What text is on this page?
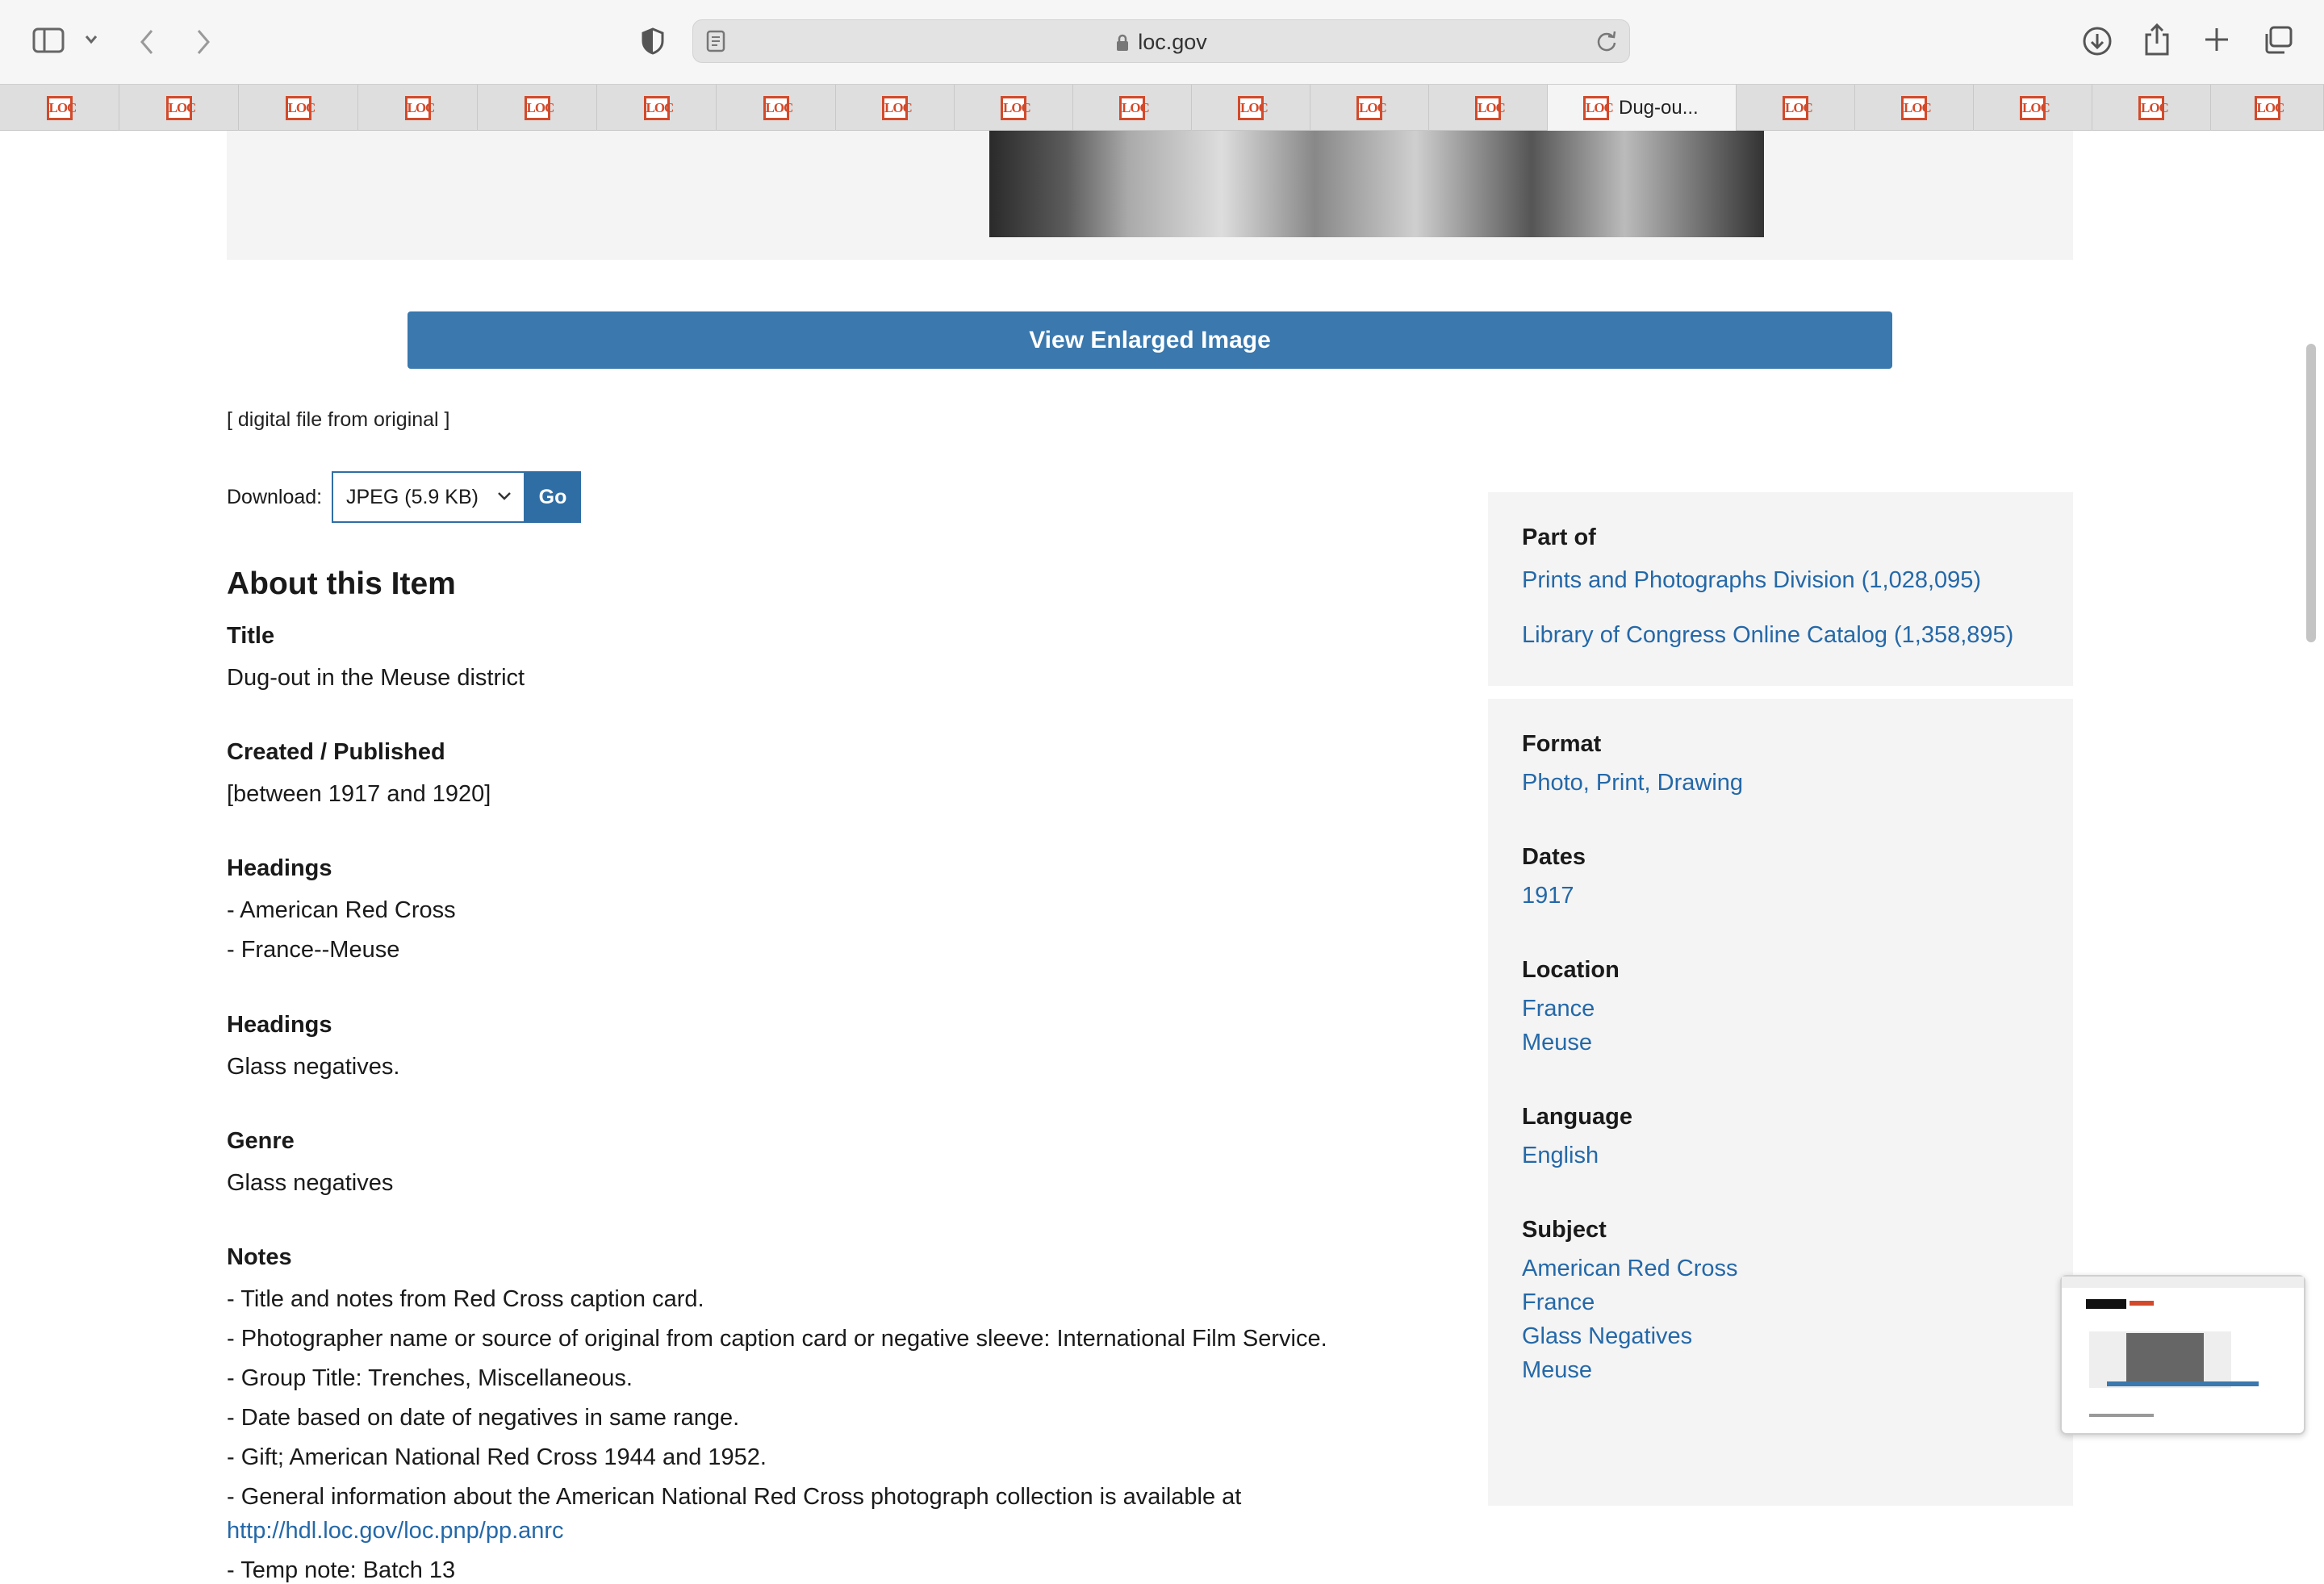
loc.gov
LOC	LOC	LOC	LOC	LOC	LOC	LOC	LOC	LOC	LOC	LOC	LOC	LOC	LOC Dug-ou...	LOC	LOC	LOC	LOC	LOC
View Enlarged Image
[ digital file from original ]
Download:	JPEG (5.9 KB)	Go
About this Item
Title
Dug-out in the Meuse district
Created / Published
[between 1917 and 1920]
Headings
- American Red Cross
- France--Meuse
Headings
Glass negatives.
Genre
Glass negatives
Notes
- Title and notes from Red Cross caption card.
- Photographer name or source of original from caption card or negative sleeve: International Film Service.
- Group Title: Trenches, Miscellaneous.
- Date based on date of negatives in same range.
- Gift; American National Red Cross 1944 and 1952.
- General information about the American National Red Cross photograph collection is available at
http://hdl.loc.gov/loc.pnp/pp.anrc
- Temp note: Batch 13
Part of
Prints and Photographs Division (1,028,095)
Library of Congress Online Catalog (1,358,895)
Format
Photo, Print, Drawing
Dates
1917
Location
France
Meuse
Language
English
Subject
American Red Cross
France
Glass Negatives
Meuse
